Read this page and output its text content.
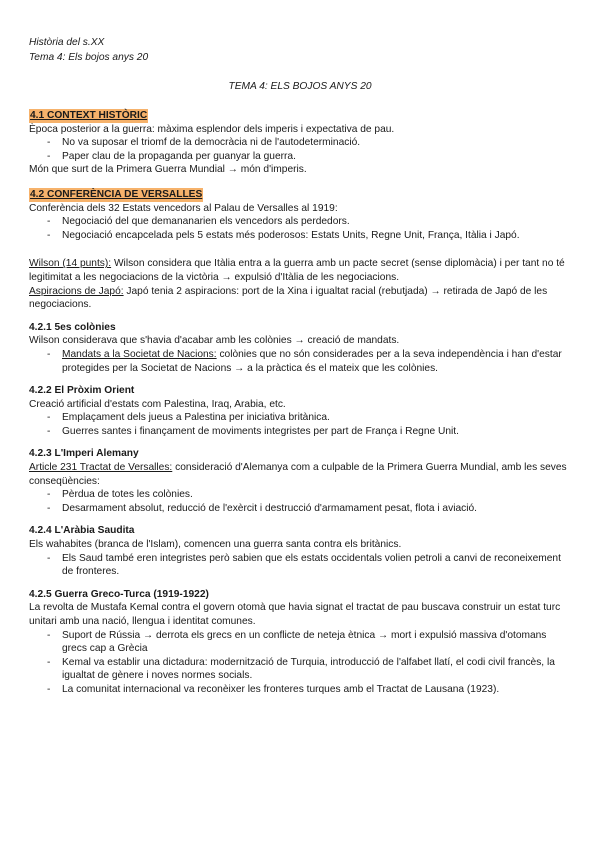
Història del s.XX
Tema 4: Els bojos anys 20
TEMA 4: ELS BOJOS ANYS 20
4.1 CONTEXT HISTÒRIC

Època posterior a la guerra: màxima esplendor dels imperis i expectativa de pau.

- No va suposar el triomf de la democràcia ni de l'autodeterminació.
- Paper clau de la propaganda per guanyar la guerra.

Món que surt de la Primera Guerra Mundial → món d'imperis.

4.2 CONFERÈNCIA DE VERSALLES

Conferència dels 32 Estats vencedors al Palau de Versalles al 1919:

- Negociació del que demananarien els vencedors als perdedors.
- Negociació encapcelada pels 5 estats més poderosos: Estats Units, Regne Unit, França, Itàlia i Japó.

Wilson (14 punts): Wilson considera que Itàlia entra a la guerra amb un pacte secret (sense diplomàcia) i per tant no té legitimitat a les negociacions de la victòria → expulsió d'Itàlia de les negociacions.

Aspiracions de Japó: Japó tenia 2 aspiracions: port de la Xina i igualtat racial (rebutjada) → retirada de Japó de les negociacions.

4.2.1 5es colònies

Wilson considerava que s'havia d'acabar amb les colònies → creació de mandats.

- Mandats a la Societat de Nacions: colònies que no són considerades per a la seva independència i han d'estar protegides per la Societat de Nacions → a la pràctica és el mateix que les colònies.
4.2.2 El Pròxim Orient

Creació artificial d'estats com Palestina, Iraq, Arabia, etc.

- Emplaçament dels jueus a Palestina per iniciativa britànica.
- Guerres santes i finançament de moviments integristes per part de França i Regne Unit.
4.2.3 L'Imperi Alemany

Article 231 Tractat de Versalles: consideració d'Alemanya com a culpable de la Primera Guerra Mundial, amb les seves conseqüències:

- Pèrdua de totes les colònies.
- Desarmament absolut, reducció de l'exèrcit i destrucció d'armamament pesat, flota i aviació.
4.2.4 L'Aràbia Saudita

Els wahabites (branca de l'Islam), comencen una guerra santa contra els britànics.

- Els Saud també eren integristes però sabien que els estats occidentals volien petroli a canvi de reconeixement de fronteres.
4.2.5 Guerra Greco-Turca (1919-1922)

La revolta de Mustafa Kemal contra el govern otomà que havia signat el tractat de pau buscava construir un estat turc unitari amb una nació, llengua i identitat comunes.

- Suport de Rússia → derrota els grecs en un conflicte de neteja ètnica → mort i expulsió massiva d'otomans grecs cap a Grècia
- Kemal va establir una dictadura: modernització de Turquia, introducció de l'alfabet llatí, el codi civil francès, la igualtat de gènere i noves normes socials.
- La comunitat internacional va reconèixer les fronteres turques amb el Tractat de Lausana (1923).
